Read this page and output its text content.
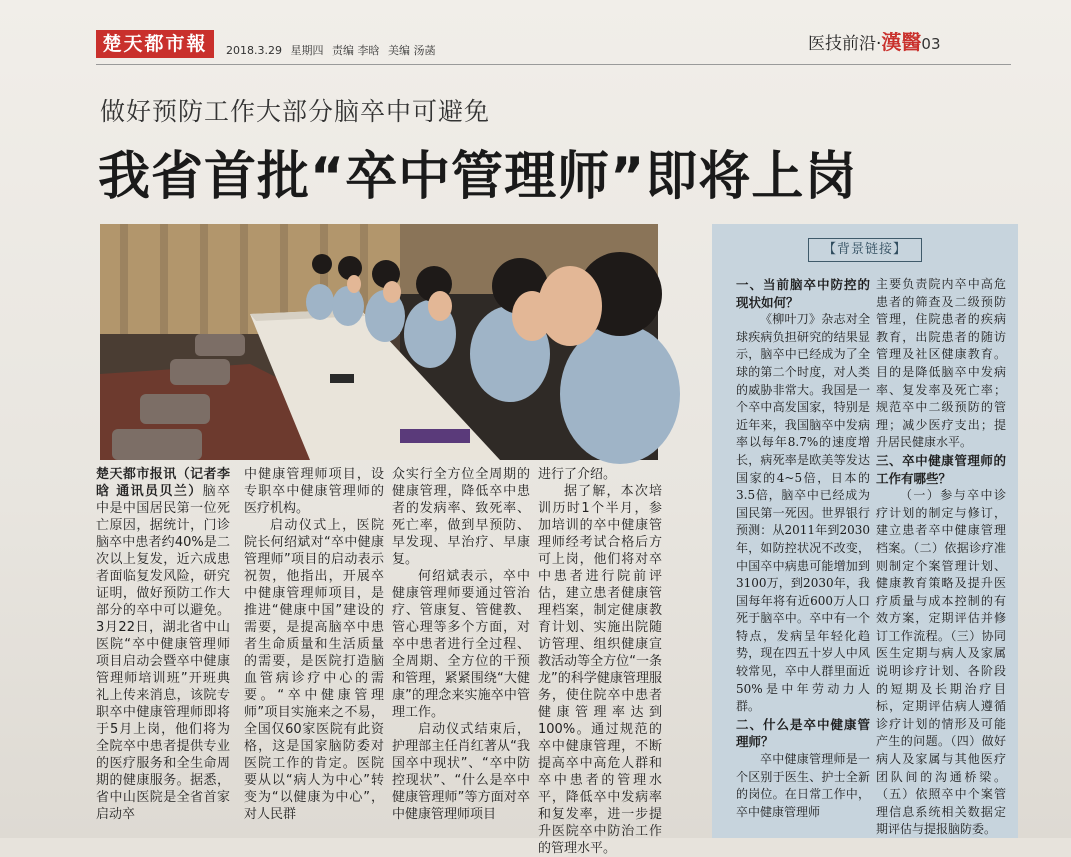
楚天都市報	2018.3.29 星期四 责编 李晗 美编 汤菡	医技前沿·漢醫03
做好预防工作大部分脑卒中可避免
我省首批“卒中管理师”即将上岗

楚天都市报讯（记者李晗 通讯员贝兰）脑卒中是中国居民第一位死亡原因，据统计，门诊脑卒中患者约40%是二次以上复发，近六成患者面临复发风险，研究证明，做好预防工作大部分的卒中可以避免。3月22日，湖北省中山医院“卒中健康管理师项目启动会暨卒中健康管理师培训班”开班典礼上传来消息，该院专职卒中健康管理师即将于5月上岗，他们将为全院卒中患者提供专业的医疗服务和全生命周期的健康服务。据悉，省中山医院是全省首家启动卒

中健康管理师项目，设专职卒中健康管理师的医疗机构。

启动仪式上，医院院长何绍斌对“卒中健康管理师”项目的启动表示祝贺，他指出，开展卒中健康管理师项目，是推进“健康中国”建设的需要，是提高脑卒中患者生命质量和生活质量的需要，是医院打造脑血管病诊疗中心的需要。“卒中健康管理师”项目实施来之不易，全国仅60家医院有此资格，这是国家脑防委对医院工作的肯定。医院要从以“病人为中心”转变为“以健康为中心”，对人民群

众实行全方位全周期的健康管理，降低卒中患者的发病率、致死率、死亡率，做到早预防、早发现、早治疗、早康复。

何绍斌表示，卒中健康管理师要通过管治疗、管康复、管健教、管心理等多个方面，对卒中患者进行全过程、全周期、全方位的干预和管理，紧紧围绕“大健康”的理念来实施卒中管理工作。

启动仪式结束后，护理部主任肖红著从“我国卒中现状”、“卒中防控现状”、“什么是卒中健康管理师”等方面对卒中健康管理师项目

进行了介绍。

据了解，本次培训历时1个半月，参加培训的卒中健康管理师经考试合格后方可上岗，他们将对卒中患者进行院前评估，建立患者健康管理档案，制定健康教育计划、实施出院随访管理、组织健康宣教活动等全方位“一条龙”的科学健康管理服务，使住院卒中患者健康管理率达到100%。通过规范的卒中健康管理，不断提高卒中高危人群和卒中患者的管理水平，降低卒中发病率和复发率，进一步提升医院卒中防治工作的管理水平。

【背景链接】
一、当前脑卒中防控的现状如何？

《柳叶刀》杂志对全球疾病负担研究的结果显示，脑卒中已经成为了全球的第二个时度，对人类的威胁非常大。我国是一个卒中高发国家，特别是近年来，我国脑卒中发病率以每年8.7%的速度增长，病死率是欧美等发达国家的4~5倍，日本的3.5倍，脑卒中已经成为国民第一死因。世界银行预测：从2011年到2030年，如防控状况不改变，中国卒中病患可能增加到3100万，到2030年，我国每年将有近600万人口死于脑卒中。卒中有一个特点，发病呈年轻化趋势，现在四五十岁人中风较常见，卒中人群里面近50%是中年劳动力人群。

二、什么是卒中健康管理师？

卒中健康管理师是一个区别于医生、护士全新的岗位。在日常工作中，卒中健康管理师

主要负责院内卒中高危患者的筛查及二级预防管理，住院患者的疾病教育，出院患者的随访管理及社区健康教育。目的是降低脑卒中发病率、复发率及死亡率；规范卒中二级预防的管理；减少医疗支出；提升居民健康水平。

三、卒中健康管理师的工作有哪些？

（一）参与卒中诊疗计划的制定与修订，建立患者卒中健康管理档案。（二）依据诊疗准则制定个案管理计划、健康教育策略及提升医疗质量与成本控制的有效方案，定期评估并修订工作流程。（三）协同医生定期与病人及家属说明诊疗计划、各阶段的短期及长期治疗目标，定期评估病人遵循诊疗计划的情形及可能产生的问题。（四）做好病人及家属与其他医疗团队间的沟通桥梁。（五）依照卒中个案管理信息系统相关数据定期评估与提报脑防委。
